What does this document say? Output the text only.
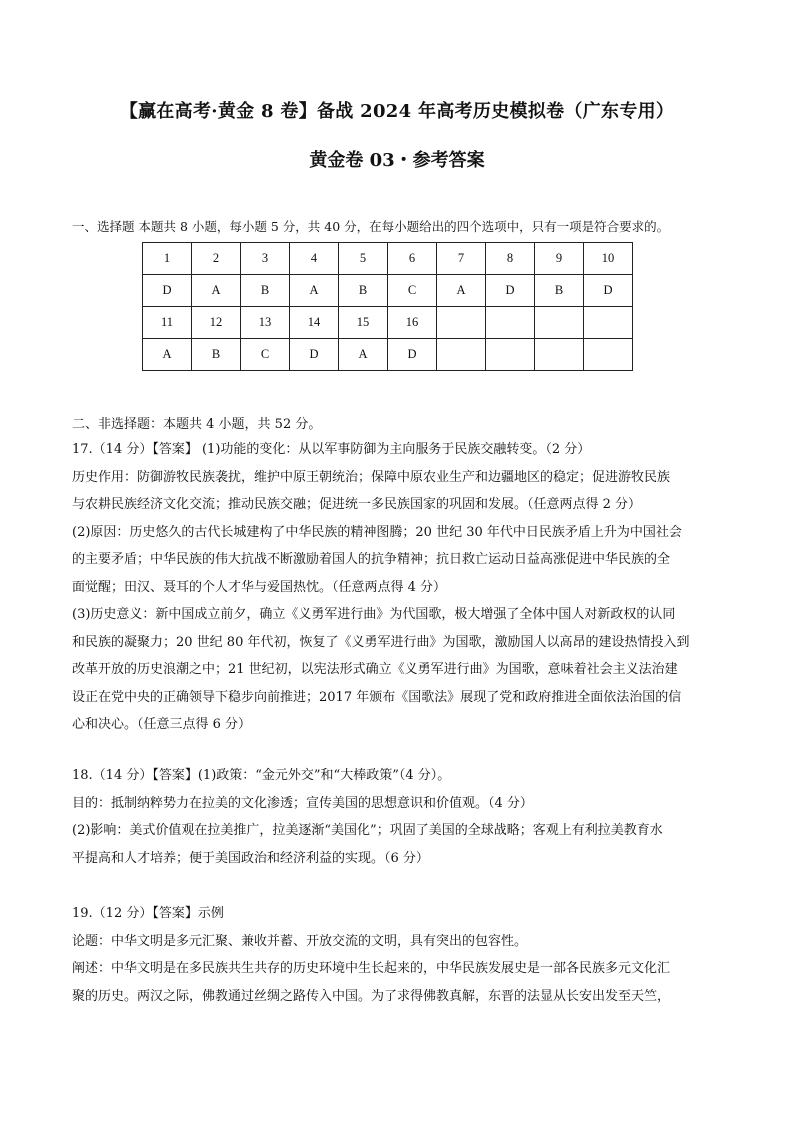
【赢在高考·黄金 8 卷】备战 2024 年高考历史模拟卷（广东专用）
黄金卷 03・参考答案
一、选择题 本题共 8 小题，每小题 5 分，共 40 分，在每小题给出的四个选项中，只有一项是符合要求的。
1	2	3	4	5	6	7	8	9	10
D	A	B	A	B	C	A	D	B	D
11	12	13	14	15	16				
A	B	C	D	A	D				

二、非选择题：本题共 4 小题，共 52 分。

17.（14 分）【答案】 (1)功能的变化：从以军事防御为主向服务于民族交融转变。（2 分）

历史作用：防御游牧民族袭扰，维护中原王朝统治；保障中原农业生产和边疆地区的稳定；促进游牧民族

与农耕民族经济文化交流；推动民族交融；促进统一多民族国家的巩固和发展。（任意两点得 2 分）

(2)原因：历史悠久的古代长城建构了中华民族的精神图腾；20 世纪 30 年代中日民族矛盾上升为中国社会

的主要矛盾；中华民族的伟大抗战不断激励着国人的抗争精神；抗日救亡运动日益高涨促进中华民族的全

面觉醒；田汉、聂耳的个人才华与爱国热忱。（任意两点得 4 分）

(3)历史意义：新中国成立前夕，确立《义勇军进行曲》为代国歌，极大增强了全体中国人对新政权的认同

和民族的凝聚力；20 世纪 80 年代初，恢复了《义勇军进行曲》为国歌，激励国人以高昂的建设热情投入到

改革开放的历史浪潮之中；21 世纪初，以宪法形式确立《义勇军进行曲》为国歌，意味着社会主义法治建

设正在党中央的正确领导下稳步向前推进；2017 年颁布《国歌法》展现了党和政府推进全面依法治国的信

心和决心。（任意三点得 6 分）

18.（14 分）【答案】(1)政策：“金元外交”和“大棒政策”（4 分）。

目的：抵制纳粹势力在拉美的文化渗透；宣传美国的思想意识和价值观。（4 分）

(2)影响：美式价值观在拉美推广，拉美逐渐“美国化”；巩固了美国的全球战略；客观上有利拉美教育水

平提高和人才培养；便于美国政治和经济利益的实现。（6 分）

19.（12 分）【答案】示例

论题：中华文明是多元汇聚、兼收并蓄、开放交流的文明，具有突出的包容性。

阐述：中华文明是在多民族共生共存的历史环境中生长起来的，中华民族发展史是一部各民族多元文化汇

聚的历史。两汉之际，佛教通过丝绸之路传入中国。为了求得佛教真解，东晋的法显从长安出发至天竺，
